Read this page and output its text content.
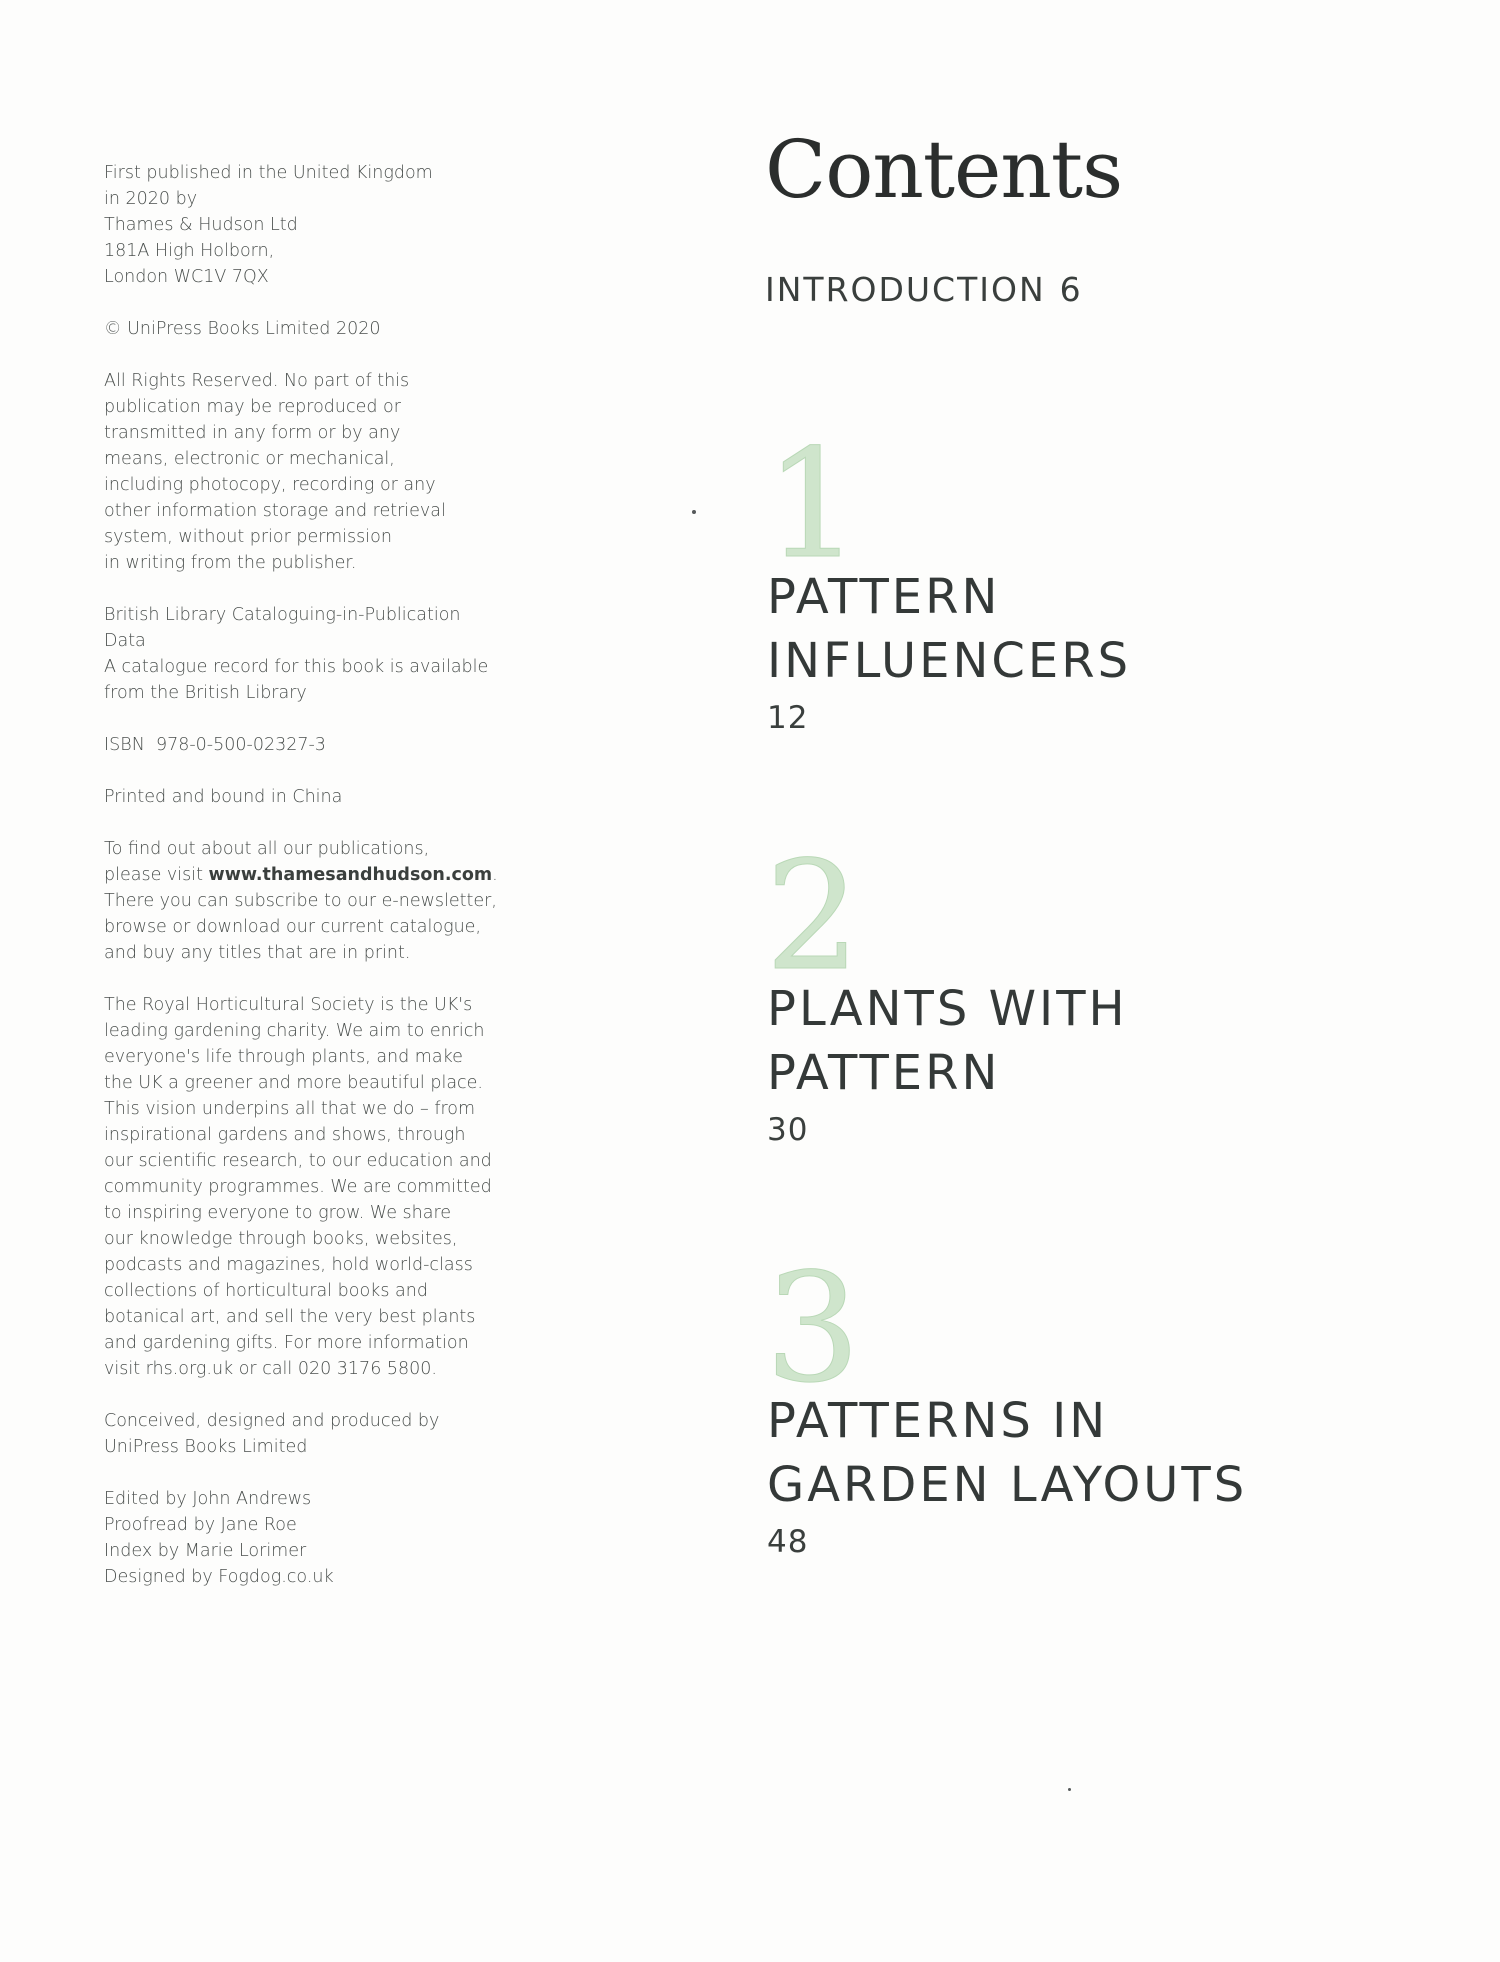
First published in the United Kingdom
in 2020 by
Thames & Hudson Ltd
181A High Holborn,
London WC1V 7QX

© UniPress Books Limited 2020

All Rights Reserved. No part of this
publication may be reproduced or
transmitted in any form or by any
means, electronic or mechanical,
including photocopy, recording or any
other information storage and retrieval
system, without prior permission
in writing from the publisher.

British Library Cataloguing-in-Publication
Data
A catalogue record for this book is available
from the British Library

ISBN  978-0-500-02327-3

Printed and bound in China

To find out about all our publications,
please visit www.thamesandhudson.com.
There you can subscribe to our e-newsletter,
browse or download our current catalogue,
and buy any titles that are in print.

The Royal Horticultural Society is the UK's
leading gardening charity. We aim to enrich
everyone's life through plants, and make
the UK a greener and more beautiful place.
This vision underpins all that we do – from
inspirational gardens and shows, through
our scientific research, to our education and
community programmes. We are committed
to inspiring everyone to grow. We share
our knowledge through books, websites,
podcasts and magazines, hold world-class
collections of horticultural books and
botanical art, and sell the very best plants
and gardening gifts. For more information
visit rhs.org.uk or call 020 3176 5800.

Conceived, designed and produced by
UniPress Books Limited

Edited by John Andrews
Proofread by Jane Roe
Index by Marie Lorimer
Designed by Fogdog.co.uk

Contents
INTRODUCTION 6
1
PATTERN
INFLUENCERS
12
2
PLANTS WITH
PATTERN
30
3
PATTERNS IN
GARDEN LAYOUTS
48
